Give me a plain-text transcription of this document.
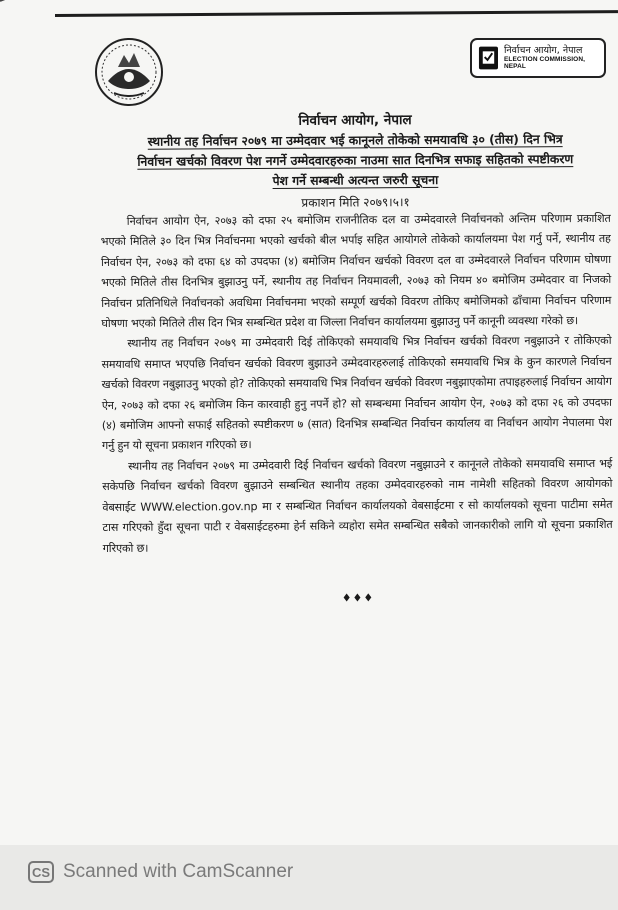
निर्वाचन आयोग, नेपाल
ELECTION COMMISSION, NEPAL
निर्वाचन आयोग, नेपाल

स्थानीय तह निर्वाचन २०७९ मा उम्मेदवार भई कानूनले तोकेको समयावधि ३० (तीस) दिन भित्र
निर्वाचन खर्चको विवरण पेश नगर्ने उम्मेदवारहरुका नाउमा सात दिनभित्र सफाइ सहितको स्पष्टीकरण
पेश गर्ने सम्बन्धी अत्यन्त जरुरी सूचना

प्रकाशन मिति २०७९।५।१

निर्वाचन आयोग ऐन, २०७३ को दफा २५ बमोजिम राजनीतिक दल वा उम्मेदवारले निर्वाचनको अन्तिम परिणाम प्रकाशित भएको मितिले ३० दिन भित्र निर्वाचनमा भएको खर्चको बील भर्पाइ सहित आयोगले तोकेको कार्यालयमा पेश गर्नु पर्ने, स्थानीय तह निर्वाचन ऐन, २०७३ को दफा ६४ को उपदफा (४) बमोजिम निर्वाचन खर्चको विवरण दल वा उम्मेदवारले निर्वाचन परिणाम घोषणा भएको मितिले तीस दिनभित्र बुझाउनु पर्ने, स्थानीय तह निर्वाचन नियमावली, २०७३ को नियम ४० बमोजिम उम्मेदवार वा निजको निर्वाचन प्रतिनिधिले निर्वाचनको अवधिमा निर्वाचनमा भएको सम्पूर्ण खर्चको विवरण तोकिए बमोजिमको ढाँचामा निर्वाचन परिणाम घोषणा भएको मितिले तीस दिन भित्र सम्बन्धित प्रदेश वा जिल्ला निर्वाचन कार्यालयमा बुझाउनु पर्ने कानूनी व्यवस्था गरेको छ।

स्थानीय तह निर्वाचन २०७९ मा उम्मेदवारी दिई तोकिएको समयावधि भित्र निर्वाचन खर्चको विवरण नबुझाउने र तोकिएको समयावधि समाप्त भएपछि निर्वाचन खर्चको विवरण बुझाउने उम्मेदवारहरुलाई तोकिएको समयावधि भित्र के कुन कारणले निर्वाचन खर्चको विवरण नबुझाउनु भएको हो? तोकिएको समयावधि भित्र निर्वाचन खर्चको विवरण नबुझाएकोमा तपाइहरुलाई निर्वाचन आयोग ऐन, २०७३ को दफा २६ बमोजिम किन कारवाही हुनु नपर्ने हो? सो सम्बन्धमा निर्वाचन आयोग ऐन, २०७३ को दफा २६ को उपदफा (४) बमोजिम आफ्नो सफाई सहितको स्पष्टीकरण ७ (सात) दिनभित्र सम्बन्धित निर्वाचन कार्यालय वा निर्वाचन आयोग नेपालमा पेश गर्नु हुन यो सूचना प्रकाशन गरिएको छ।

स्थानीय तह निर्वाचन २०७९ मा उम्मेदवारी दिई निर्वाचन खर्चको विवरण नबुझाउने र कानूनले तोकेको समयावधि समाप्त भई सकेपछि निर्वाचन खर्चको विवरण बुझाउने सम्बन्धित स्थानीय तहका उम्मेदवारहरुको नाम नामेशी सहितको विवरण आयोगको वेबसाईट WWW.election.gov.np मा र सम्बन्धित निर्वाचन कार्यालयको वेबसाईटमा र सो कार्यालयको सूचना पाटीमा समेत टास गरिएको हुँदा सूचना पाटी र वेबसाईटहरुमा हेर्न सकिने व्यहोरा समेत सम्बन्धित सबैको जानकारीको लागि यो सूचना प्रकाशित गरिएको छ।

♦♦♦
CS Scanned with CamScanner
